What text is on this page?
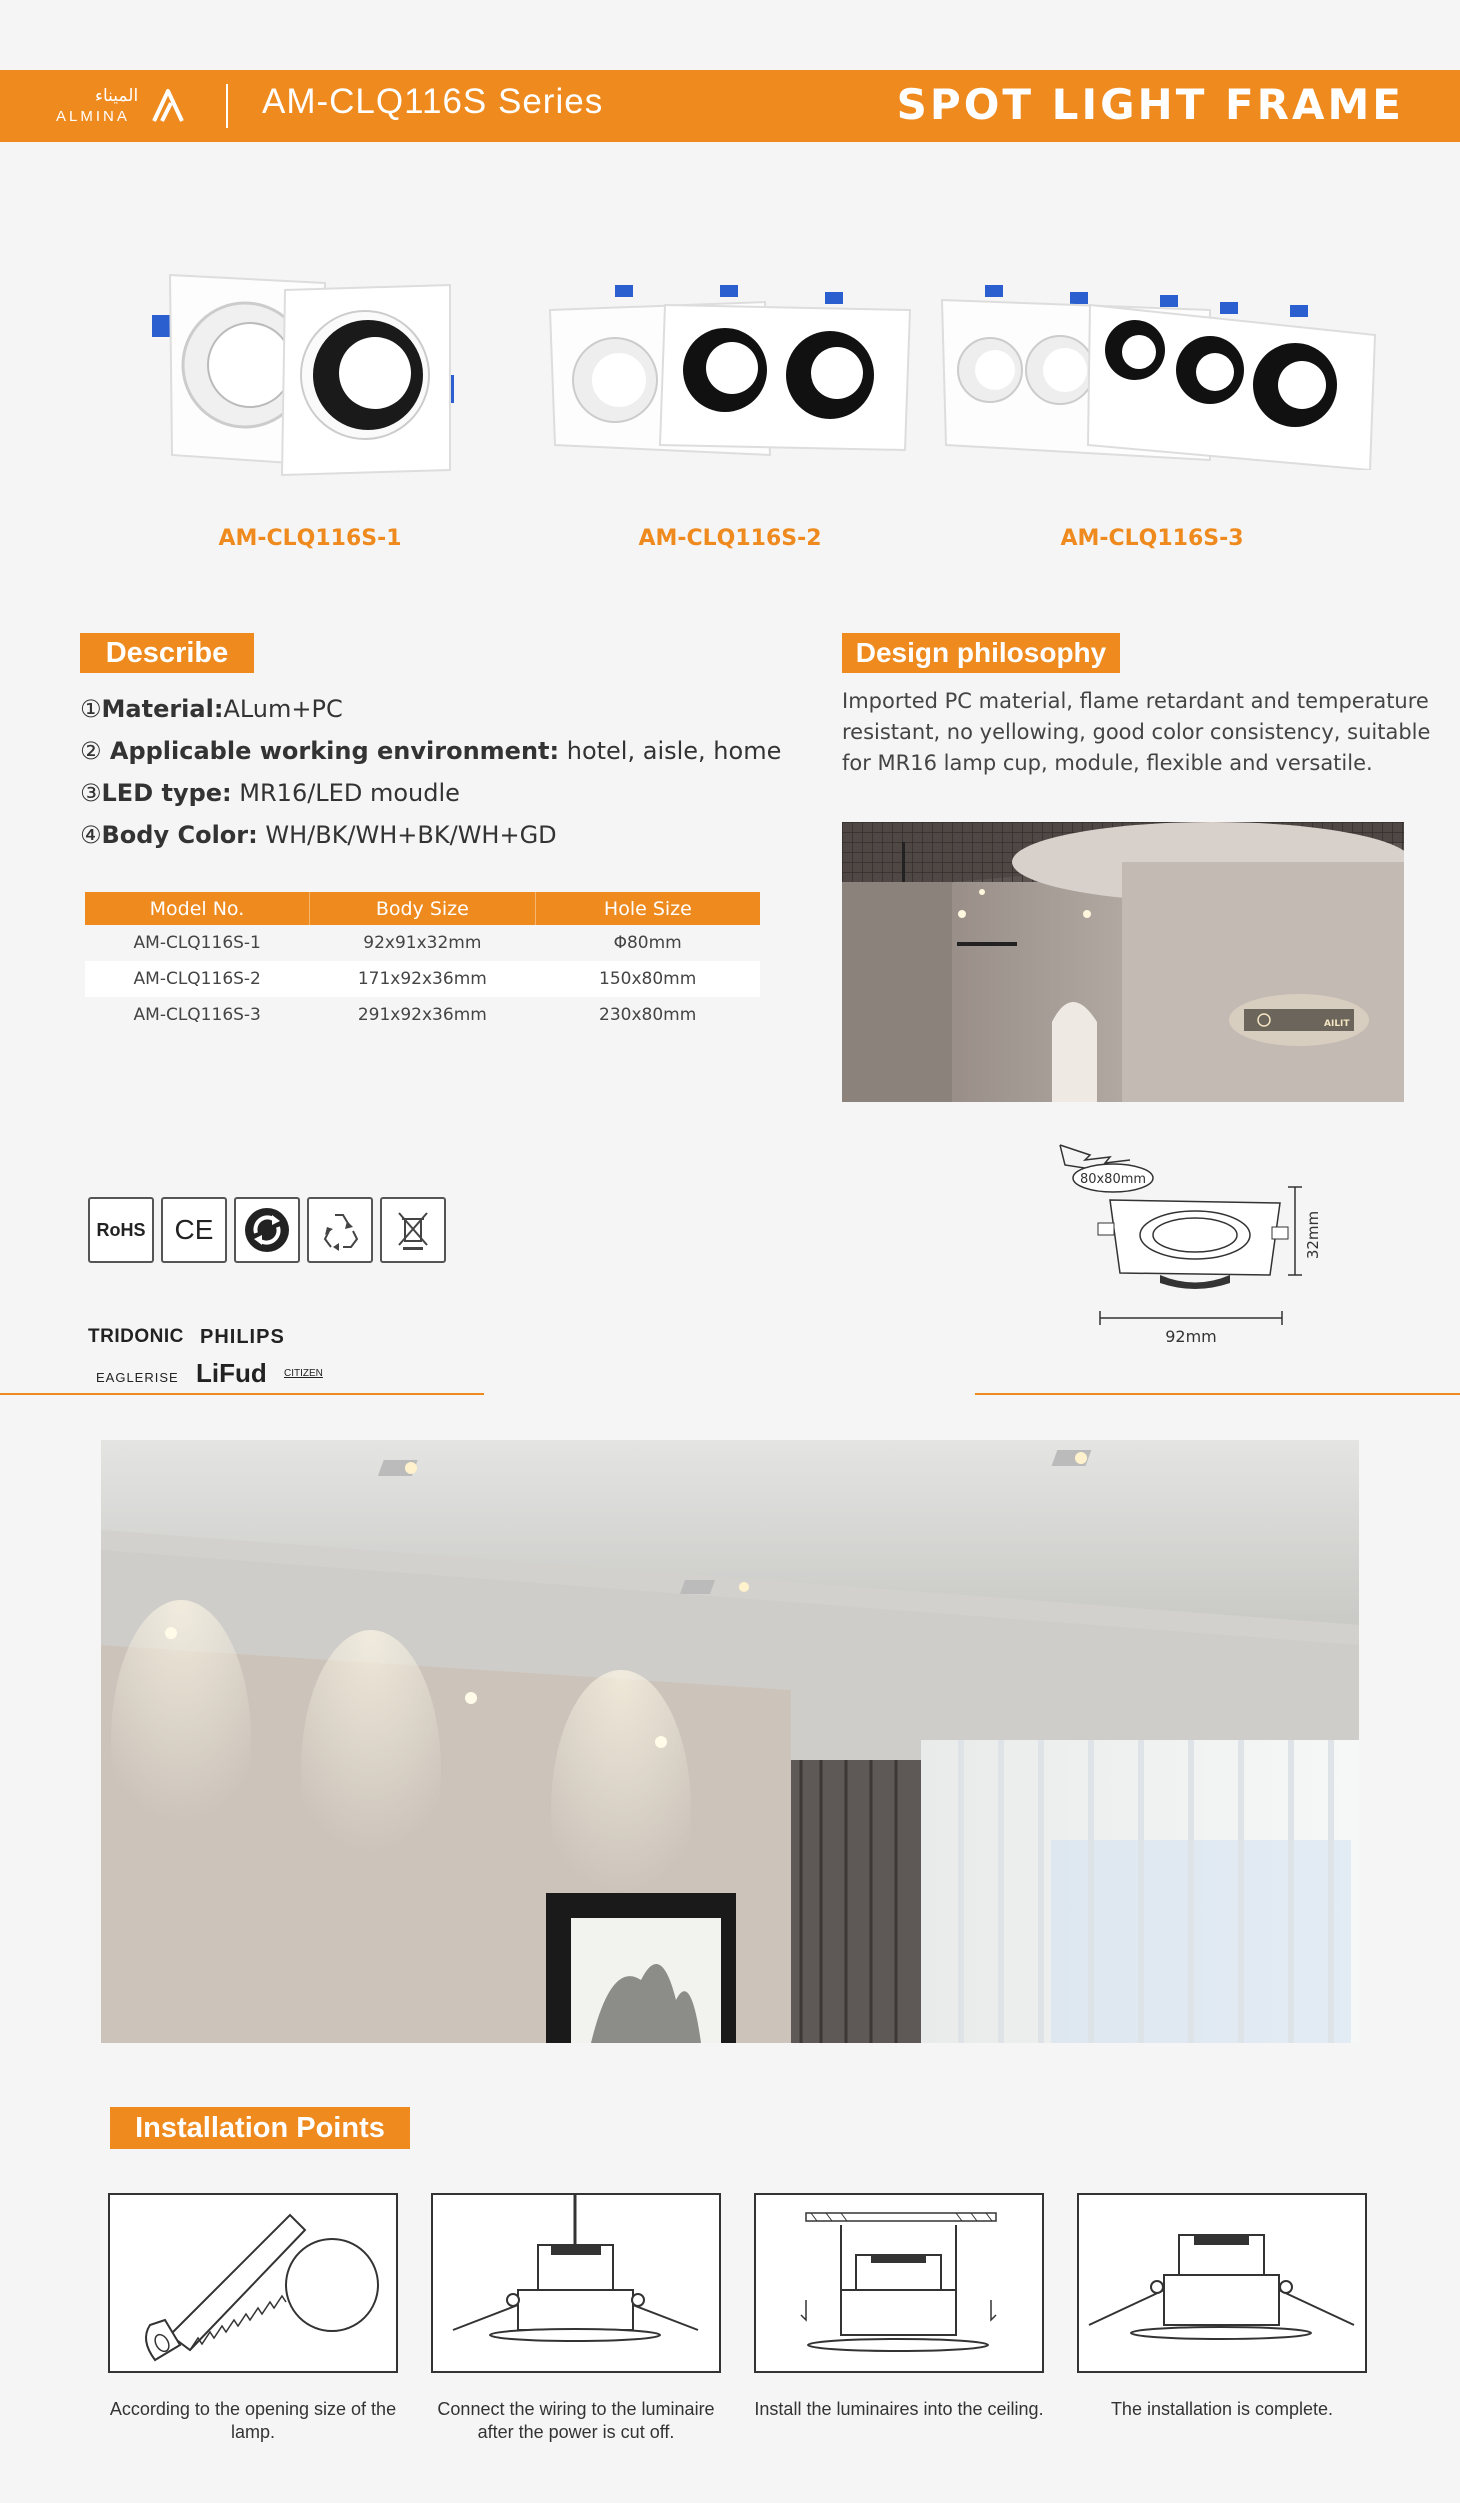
الميناء
ALMINA	AM-CLQ116S Series	SPOT LIGHT FRAME
AM-CLQ116S-1	AM-CLQ116S-2	AM-CLQ116S-3
Describe
①Material:ALum+PC
② Applicable working environment: hotel, aisle, home
③LED type: MR16/LED moudle
④Body Color: WH/BK/WH+BK/WH+GD
Model No.	Body Size	Hole Size
AM-CLQ116S-1	92x91x32mm	Φ80mm
AM-CLQ116S-2	171x92x36mm	150x80mm
AM-CLQ116S-3	291x92x36mm	230x80mm
Design philosophy
Imported PC material, flame retardant and temperature resistant, no yellowing, good color consistency, suitable for MR16 lamp cup, module, flexible and versatile.
AILIT
80x80mm
32mm
92mm
RoHS CE
TRIDONIC PHILIPS
EAGLERISE LiFud CITIZEN
Installation Points
According to the opening size of the lamp.
Connect the wiring to the luminaire after the power is cut off.
Install the luminaires into the ceiling.	The installation is complete.
